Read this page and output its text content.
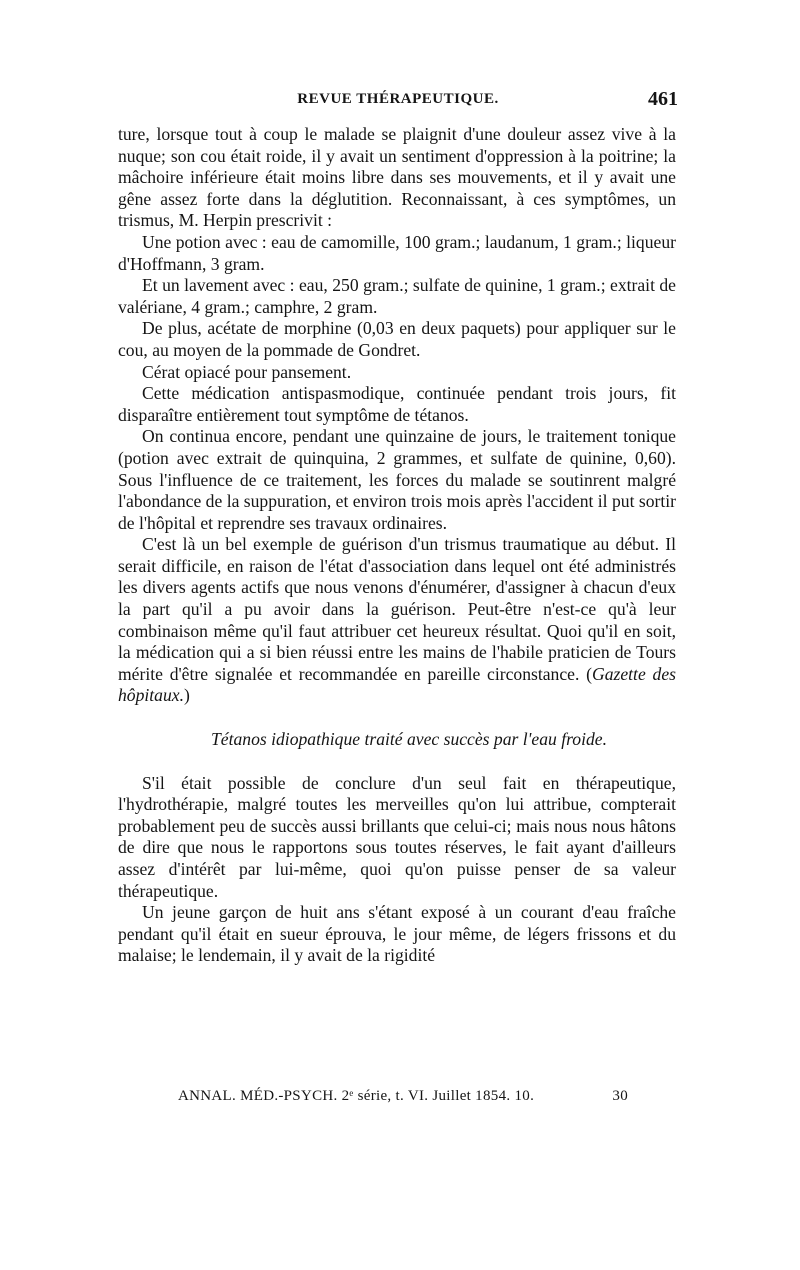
REVUE THÉRAPEUTIQUE.	461

ture, lorsque tout à coup le malade se plaignit d'une douleur assez vive à la nuque; son cou était roide, il y avait un sentiment d'oppression à la poitrine; la mâchoire inférieure était moins libre dans ses mouvements, et il y avait une gêne assez forte dans la déglutition. Reconnaissant, à ces symptômes, un trismus, M. Herpin prescrivit :

Une potion avec : eau de camomille, 100 gram.; laudanum, 1 gram.; liqueur d'Hoffmann, 3 gram.

Et un lavement avec : eau, 250 gram.; sulfate de quinine, 1 gram.; extrait de valériane, 4 gram.; camphre, 2 gram.

De plus, acétate de morphine (0,03 en deux paquets) pour appliquer sur le cou, au moyen de la pommade de Gondret.

Cérat opiacé pour pansement.

Cette médication antispasmodique, continuée pendant trois jours, fit disparaître entièrement tout symptôme de tétanos.

On continua encore, pendant une quinzaine de jours, le traitement tonique (potion avec extrait de quinquina, 2 grammes, et sulfate de quinine, 0,60). Sous l'influence de ce traitement, les forces du malade se soutinrent malgré l'abondance de la suppuration, et environ trois mois après l'accident il put sortir de l'hôpital et reprendre ses travaux ordinaires.

C'est là un bel exemple de guérison d'un trismus traumatique au début. Il serait difficile, en raison de l'état d'association dans lequel ont été administrés les divers agents actifs que nous venons d'énumérer, d'assigner à chacun d'eux la part qu'il a pu avoir dans la guérison. Peut-être n'est-ce qu'à leur combinaison même qu'il faut attribuer cet heureux résultat. Quoi qu'il en soit, la médication qui a si bien réussi entre les mains de l'habile praticien de Tours mérite d'être signalée et recommandée en pareille circonstance. (Gazette des hôpitaux.)

Tétanos idiopathique traité avec succès par l'eau froide.

S'il était possible de conclure d'un seul fait en thérapeutique, l'hydrothérapie, malgré toutes les merveilles qu'on lui attribue, compterait probablement peu de succès aussi brillants que celui-ci; mais nous nous hâtons de dire que nous le rapportons sous toutes réserves, le fait ayant d'ailleurs assez d'intérêt par lui-même, quoi qu'on puisse penser de sa valeur thérapeutique.

Un jeune garçon de huit ans s'étant exposé à un courant d'eau fraîche pendant qu'il était en sueur éprouva, le jour même, de légers frissons et du malaise; le lendemain, il y avait de la rigidité

ANNAL. MÉD.-PSYCH. 2ᵉ série, t. VI. Juillet 1854. 10.	30
